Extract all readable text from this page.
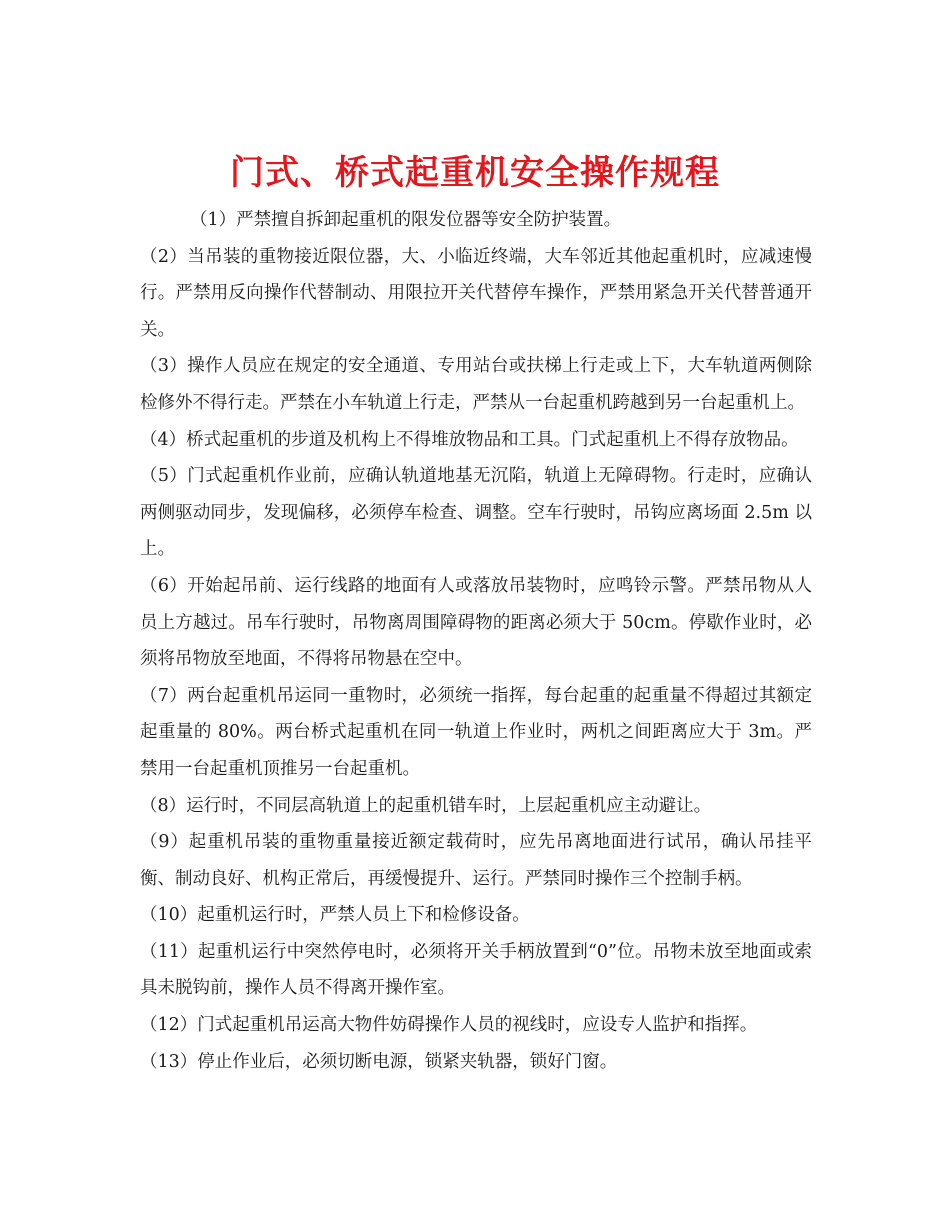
门式、桥式起重机安全操作规程

（1）严禁擅自拆卸起重机的限发位器等安全防护装置。

（2）当吊装的重物接近限位器，大、小临近终端，大车邻近其他起重机时，应减速慢行。严禁用反向操作代替制动、用限拉开关代替停车操作，严禁用紧急开关代替普通开关。

（3）操作人员应在规定的安全通道、专用站台或扶梯上行走或上下，大车轨道两侧除检修外不得行走。严禁在小车轨道上行走，严禁从一台起重机跨越到另一台起重机上。

（4）桥式起重机的步道及机构上不得堆放物品和工具。门式起重机上不得存放物品。

（5）门式起重机作业前，应确认轨道地基无沉陷，轨道上无障碍物。行走时，应确认两侧驱动同步，发现偏移，必须停车检查、调整。空车行驶时，吊钩应离场面 2.5m 以上。

（6）开始起吊前、运行线路的地面有人或落放吊装物时，应鸣铃示警。严禁吊物从人员上方越过。吊车行驶时，吊物离周围障碍物的距离必须大于 50cm。停歇作业时，必须将吊物放至地面，不得将吊物悬在空中。

（7）两台起重机吊运同一重物时，必须统一指挥，每台起重的起重量不得超过其额定起重量的 80%。两台桥式起重机在同一轨道上作业时，两机之间距离应大于 3m。严禁用一台起重机顶推另一台起重机。

（8）运行时，不同层高轨道上的起重机错车时，上层起重机应主动避让。

（9）起重机吊装的重物重量接近额定载荷时，应先吊离地面进行试吊，确认吊挂平衡、制动良好、机构正常后，再缓慢提升、运行。严禁同时操作三个控制手柄。

（10）起重机运行时，严禁人员上下和检修设备。

（11）起重机运行中突然停电时，必须将开关手柄放置到“0”位。吊物未放至地面或索具未脱钩前，操作人员不得离开操作室。

（12）门式起重机吊运高大物件妨碍操作人员的视线时，应设专人监护和指挥。

（13）停止作业后，必须切断电源，锁紧夹轨器，锁好门窗。
